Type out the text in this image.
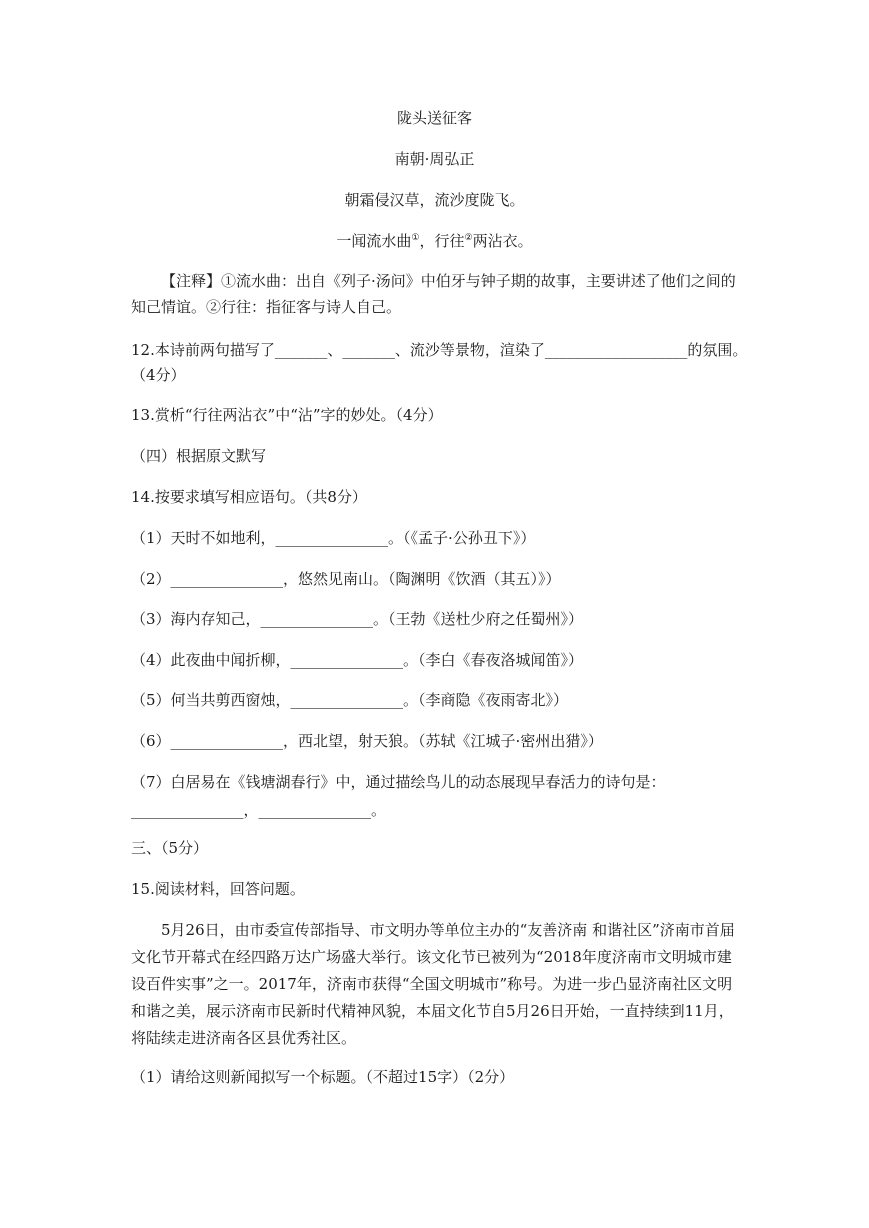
陇头送征客
南朝·周弘正
朝霜侵汉草，流沙度陇飞。
一闻流水曲①，行往②两沾衣。
【注释】①流水曲：出自《列子·汤问》中伯牙与钟子期的故事，主要讲述了他们之间的知己情谊。②行往：指征客与诗人自己。
12.本诗前两句描写了_______、_______、流沙等景物，渲染了___________________的氛围。
（4分）
13.赏析“行往两沾衣”中“沾”字的妙处。（4分）
（四）根据原文默写
14.按要求填写相应语句。（共8分）
（1）天时不如地利，_______________。（《孟子·公孙丑下》）
（2）_______________，悠然见南山。（陶渊明《饮酒（其五）》）
（3）海内存知己，_______________。（王勃《送杜少府之任蜀州》）
（4）此夜曲中闻折柳，_______________。（李白《春夜洛城闻笛》）
（5）何当共剪西窗烛，_______________。（李商隐《夜雨寄北》）
（6）_______________，西北望，射天狼。（苏轼《江城子·密州出猎》）
（7）白居易在《钱塘湖春行》中，通过描绘鸟儿的动态展现早春活力的诗句是：
_______________，_______________。
三、（5分）
15.阅读材料，回答问题。
5月26日，由市委宣传部指导、市文明办等单位主办的“友善济南 和谐社区”济南市首届文化节开幕式在经四路万达广场盛大举行。该文化节已被列为“2018年度济南市文明城市建设百件实事”之一。2017年，济南市获得“全国文明城市”称号。为进一步凸显济南社区文明和谐之美，展示济南市民新时代精神风貌，本届文化节自5月26日开始，一直持续到11月，将陆续走进济南各区县优秀社区。
（1）请给这则新闻拟写一个标题。（不超过15字）（2分）
